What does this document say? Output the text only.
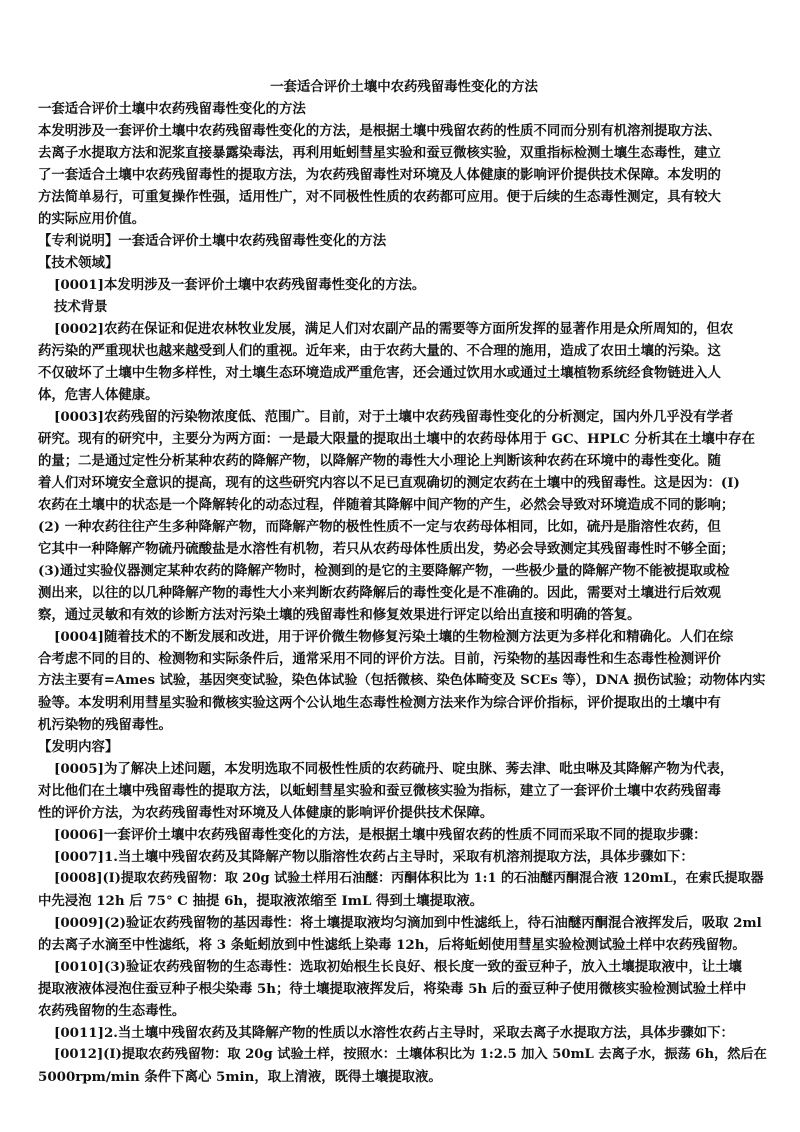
一套适合评价土壤中农药残留毒性变化的方法

一套适合评价土壤中农药残留毒性变化的方法

本发明涉及一套评价土壤中农药残留毒性变化的方法，是根据土壤中残留农药的性质不同而分别有机溶剂提取方法、
去离子水提取方法和泥浆直接暴露染毒法，再利用蚯蚓彗星实验和蚕豆微核实验，双重指标检测土壤生态毒性，建立
了一套适合土壤中农药残留毒性的提取方法，为农药残留毒性对环境及人体健康的影响评价提供技术保障。本发明的
方法简单易行，可重复操作性强，适用性广，对不同极性性质的农药都可应用。便于后续的生态毒性测定，具有较大
的实际应用价值。

【专利说明】一套适合评价土壤中农药残留毒性变化的方法

【技术领域】

[0001]本发明涉及一套评价土壤中农药残留毒性变化的方法。

技术背景

[0002]农药在保证和促进农林牧业发展，满足人们对农副产品的需要等方面所发挥的显著作用是众所周知的，但农
药污染的严重现状也越来越受到人们的重视。近年来，由于农药大量的、不合理的施用，造成了农田土壤的污染。这
不仅破坏了土壤中生物多样性，对土壤生态环境造成严重危害，还会通过饮用水或通过土壤植物系统经食物链进入人
体，危害人体健康。
[0003]农药残留的污染物浓度低、范围广。目前，对于土壤中农药残留毒性变化的分析测定，国内外几乎没有学者
研究。现有的研究中，主要分为两方面：一是最大限量的提取出土壤中的农药母体用于 GC、HPLC 分析其在土壤中存在
的量；二是通过定性分析某种农药的降解产物，以降解产物的毒性大小理论上判断该种农药在环境中的毒性变化。随
着人们对环境安全意识的提高，现有的这些研究内容以不足已直观确切的测定农药在土壤中的残留毒性。这是因为：(I)
农药在土壤中的状态是一个降解转化的动态过程，伴随着其降解中间产物的产生，必然会导致对环境造成不同的影响；
(2) 一种农药往往产生多种降解产物，而降解产物的极性性质不一定与农药母体相同，比如，硫丹是脂溶性农药，但
它其中一种降解产物硫丹硫酸盐是水溶性有机物，若只从农药母体性质出发，势必会导致测定其残留毒性时不够全面；
(3)通过实验仪器测定某种农药的降解产物时，检测到的是它的主要降解产物，一些极少量的降解产物不能被提取或检
测出来，以往的以几种降解产物的毒性大小来判断农药降解后的毒性变化是不准确的。因此，需要对土壤进行后效观
察，通过灵敏和有效的诊断方法对污染土壤的残留毒性和修复效果进行评定以给出直接和明确的答复。
[0004]随着技术的不断发展和改进，用于评价微生物修复污染土壤的生物检测方法更为多样化和精确化。人们在综
合考虑不同的目的、检测物和实际条件后，通常采用不同的评价方法。目前，污染物的基因毒性和生态毒性检测评价
方法主要有=Ames 试验，基因突变试验，染色体试验（包括微核、染色体畸变及 SCEs 等），DNA 损伤试验；动物体内实
验等。本发明利用彗星实验和微核实验这两个公认地生态毒性检测方法来作为综合评价指标，评价提取出的土壤中有
机污染物的残留毒性。

【发明内容】

[0005]为了解决上述问题，本发明选取不同极性性质的农药硫丹、啶虫脒、莠去津、吡虫啉及其降解产物为代表，
对比他们在土壤中残留毒性的提取方法，以蚯蚓彗星实验和蚕豆微核实验为指标，建立了一套评价土壤中农药残留毒
性的评价方法，为农药残留毒性对环境及人体健康的影响评价提供技术保障。

[0006]一套评价土壤中农药残留毒性变化的方法，是根据土壤中残留农药的性质不同而采取不同的提取步骤：

[0007]1.当土壤中残留农药及其降解产物以脂溶性农药占主导时，采取有机溶剂提取方法，具体步骤如下：

[0008](I)提取农药残留物：取 20g 试验土样用石油醚：丙酮体积比为 1:1 的石油醚丙酮混合液 120mL，在索氏提取器
中先浸泡 12h 后 75° C 抽提 6h，提取液浓缩至 ImL 得到土壤提取液。
[0009](2)验证农药残留物的基因毒性：将土壤提取液均匀滴加到中性滤纸上，待石油醚丙酮混合液挥发后，吸取 2ml
的去离子水滴至中性滤纸，将 3 条蚯蚓放到中性滤纸上染毒 12h，后将蚯蚓使用彗星实验检测试验土样中农药残留物。
[0010](3)验证农药残留物的生态毒性：选取初始根生长良好、根长度一致的蚕豆种子，放入土壤提取液中，让土壤
提取液液体浸泡住蚕豆种子根尖染毒 5h；待土壤提取液挥发后，将染毒 5h 后的蚕豆种子使用微核实验检测试验土样中
农药残留物的生态毒性。

[0011]2.当土壤中残留农药及其降解产物的性质以水溶性农药占主导时，采取去离子水提取方法，具体步骤如下：

[0012](I)提取农药残留物：取 20g 试验土样，按照水：土壤体积比为 1:2.5 加入 50mL 去离子水，振荡 6h，然后在
5000rpm/min 条件下离心 5min，取上清液，既得土壤提取液。
